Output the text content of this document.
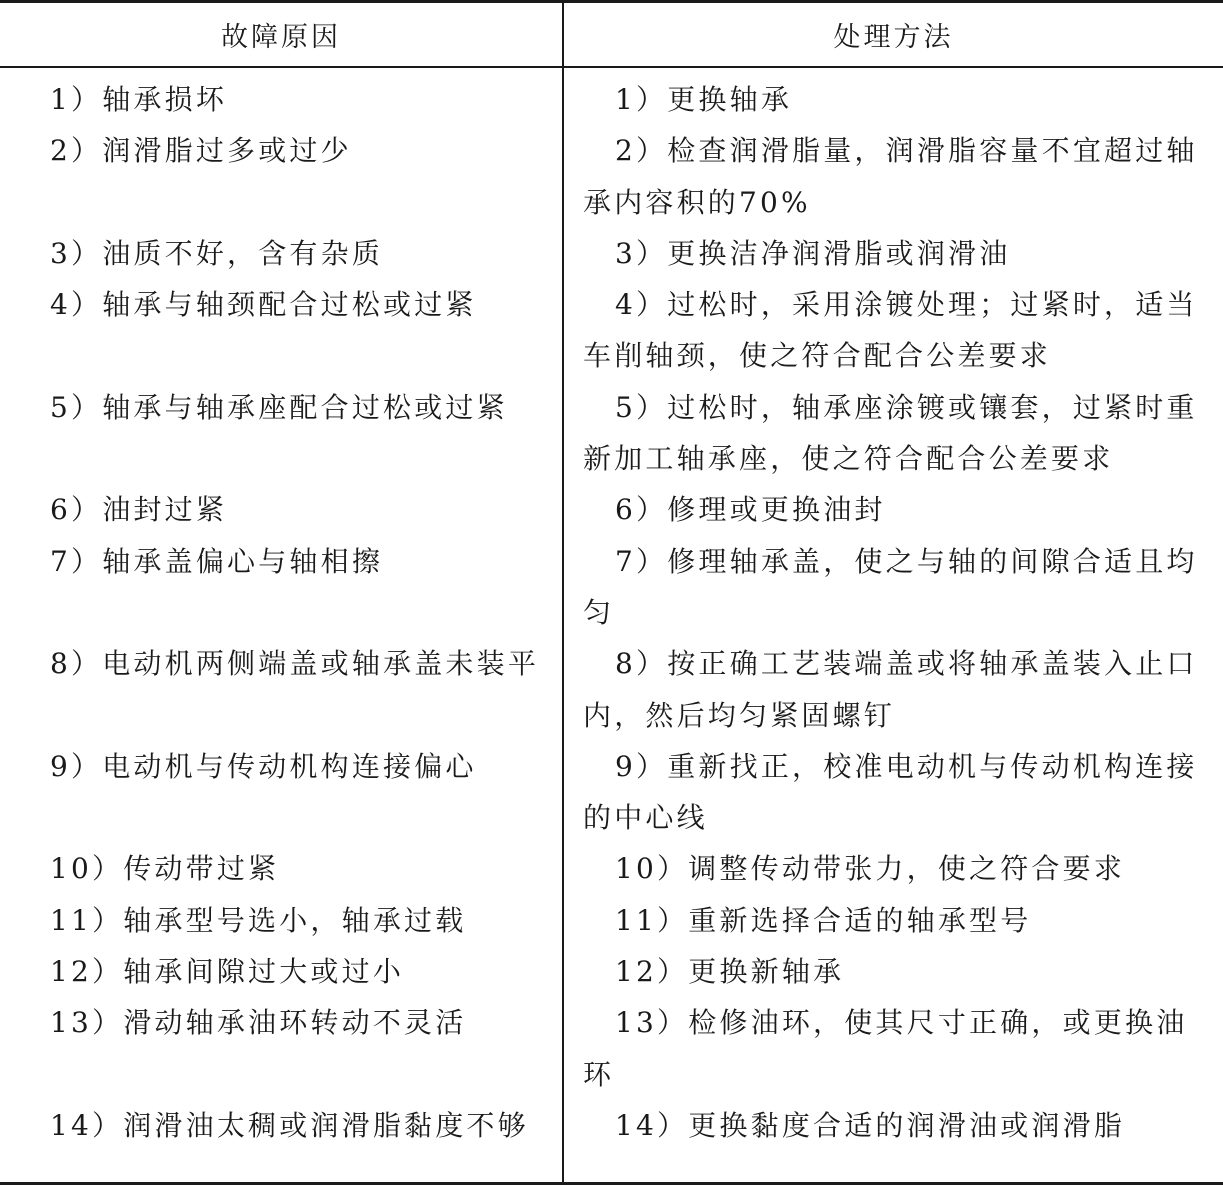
故障原因	处理方法

1）轴承损坏

2）润滑脂过多或过少

3）油质不好，含有杂质

4）轴承与轴颈配合过松或过紧

5）轴承与轴承座配合过松或过紧

6）油封过紧

7）轴承盖偏心与轴相擦

8）电动机两侧端盖或轴承盖未装平

9）电动机与传动机构连接偏心

10）传动带过紧

11）轴承型号选小，轴承过载

12）轴承间隙过大或过小

13）滑动轴承油环转动不灵活

14）润滑油太稠或润滑脂黏度不够

1）更换轴承

2）检查润滑脂量，润滑脂容量不宜超过轴承内容积的70%

3）更换洁净润滑脂或润滑油

4）过松时，采用涂镀处理；过紧时，适当车削轴颈，使之符合配合公差要求

5）过松时，轴承座涂镀或镶套，过紧时重新加工轴承座，使之符合配合公差要求

6）修理或更换油封

7）修理轴承盖，使之与轴的间隙合适且均匀

8）按正确工艺装端盖或将轴承盖装入止口内，然后均匀紧固螺钉

9）重新找正，校准电动机与传动机构连接的中心线

10）调整传动带张力，使之符合要求

11）重新选择合适的轴承型号

12）更换新轴承

13）检修油环，使其尺寸正确，或更换油环

14）更换黏度合适的润滑油或润滑脂
